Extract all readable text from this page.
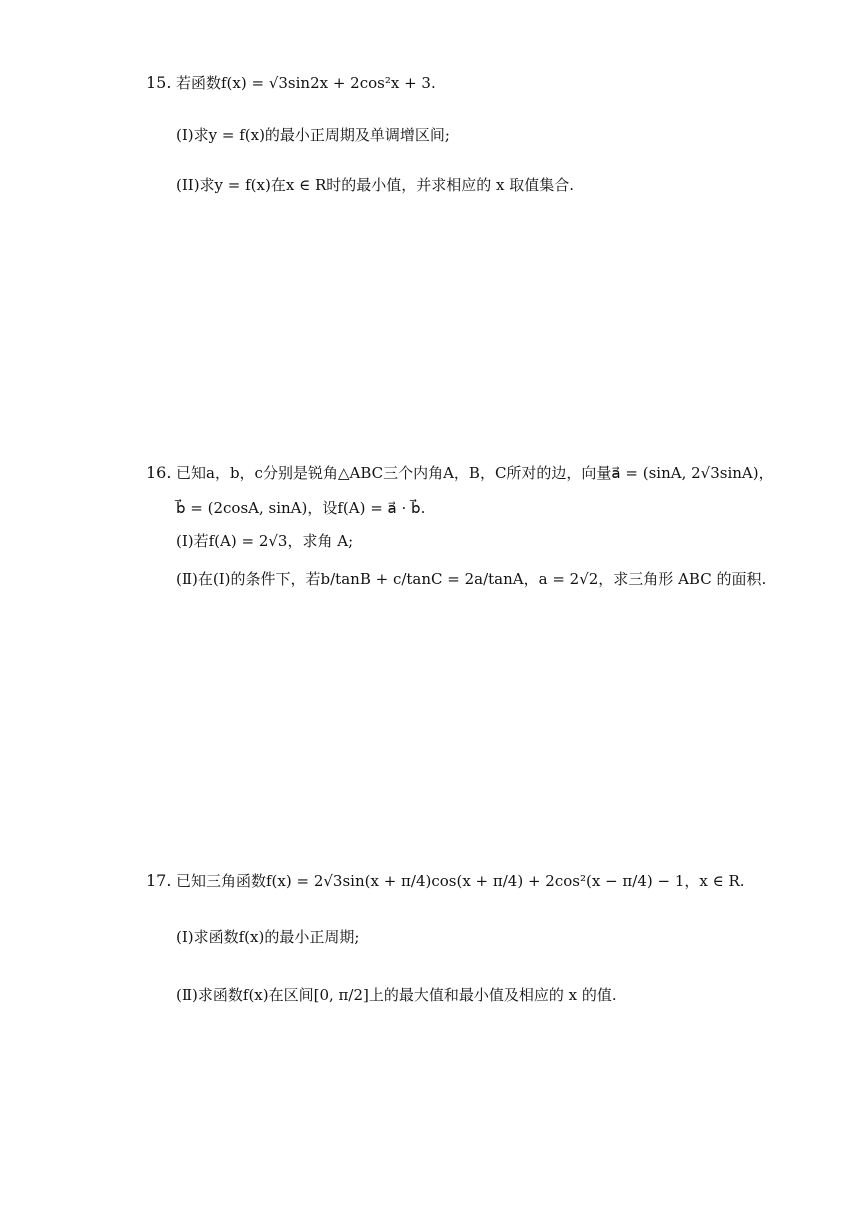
15. 若函数f(x) = √3sin2x + 2cos²x + 3.
(I)求y = f(x)的最小正周期及单调增区间;
(II)求y = f(x)在x ∈ R时的最小值，并求相应的 x 取值集合.
16. 已知a，b，c分别是锐角△ABC三个内角A，B，C所对的边，向量a⃗ = (sinA, 2√3sinA)，
b⃗ = (2cosA, sinA)，设f(A) = a⃗ · b⃗.
(Ⅰ)若f(A) = 2√3，求角 A;
(Ⅱ)在(Ⅰ)的条件下，若b/tanB + c/tanC = 2a/tanA，a = 2√2，求三角形 ABC 的面积.
17. 已知三角函数f(x) = 2√3sin(x + π/4)cos(x + π/4) + 2cos²(x − π/4) − 1，x ∈ R.
(Ⅰ)求函数f(x)的最小正周期;
(Ⅱ)求函数f(x)在区间[0, π/2]上的最大值和最小值及相应的 x 的值.
